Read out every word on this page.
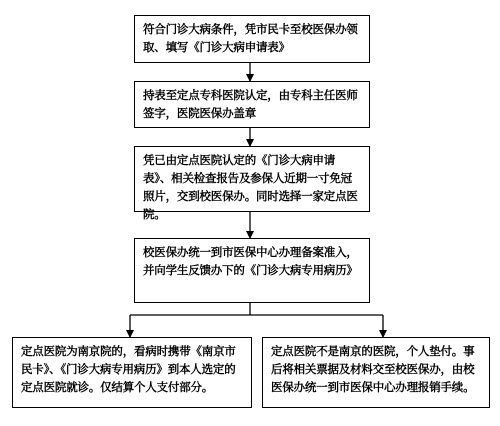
符合门诊大病条件，凭市民卡至校医保办领取、填写《门诊大病申请表》
持表至定点专科医院认定，由专科主任医师签字，医院医保办盖章
凭已由定点医院认定的《门诊大病申请表》、相关检查报告及参保人近期一寸免冠照片，交到校医保办。同时选择一家定点医院。
校医保办统一到市医保中心办理备案准入，并向学生反馈办下的《门诊大病专用病历》
定点医院为南京院的，看病时携带《南京市民卡》、《门诊大病专用病历》到本人选定的定点医院就诊。仅结算个人支付部分。
定点医院不是南京的医院，个人垫付。事后将相关票据及材料交至校医保办，由校医保办统一到市医保中心办理报销手续。
